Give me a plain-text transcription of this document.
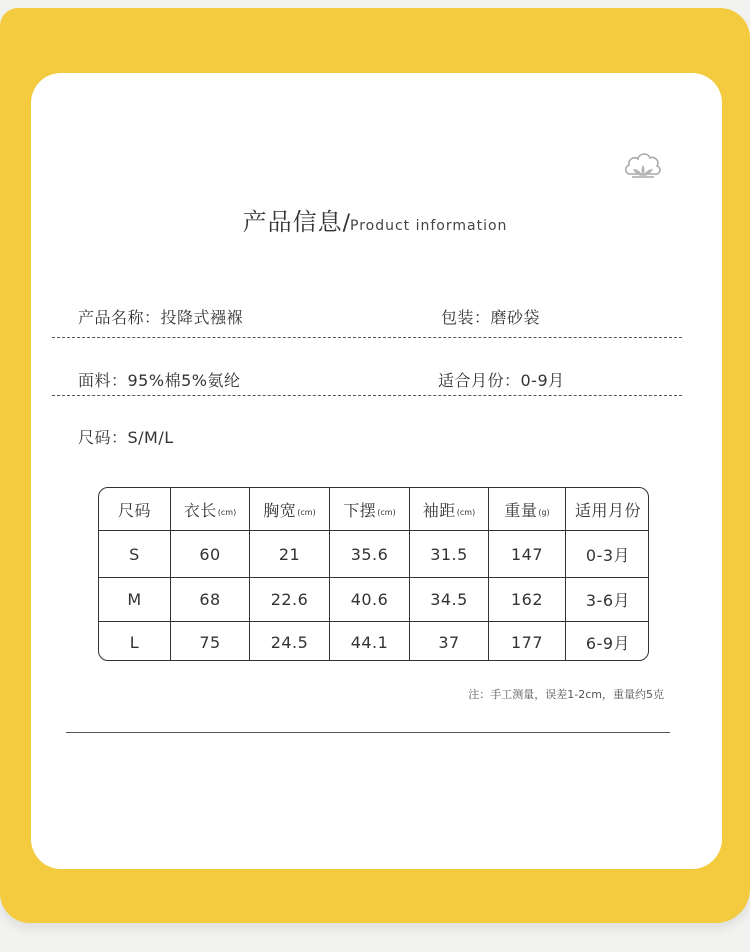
产品信息/Product information
产品名称：投降式襁褓	包装：磨砂袋
面料：95%棉5%氨纶	适合月份：0-9月
尺码：S/M/L
尺码 衣长 (cm) 胸宽 (cm) 下摆 (cm) 袖距 (cm) 重量 (g) 适用月份
S	60	21	35.6	31.5	147	0-3月
M	68	22.6	40.6	34.5	162	3-6月
L	75	24.5	44.1	37	177	6-9月
注：手工测量，误差1-2cm，重量约5克
